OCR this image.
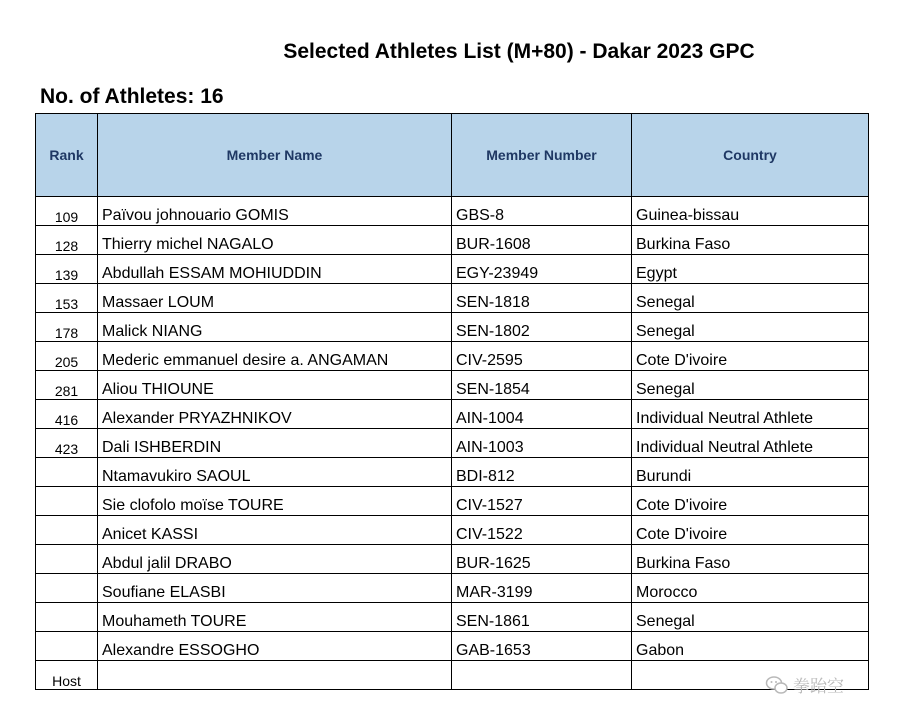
Selected Athletes List (M+80) - Dakar 2023 GPC
No. of Athletes: 16
Rank	Member Name	Member Number	Country
109	Païvou johnouario GOMIS	GBS-8	Guinea-bissau
128	Thierry michel NAGALO	BUR-1608	Burkina Faso
139	Abdullah ESSAM MOHIUDDIN	EGY-23949	Egypt
153	Massaer LOUM	SEN-1818	Senegal
178	Malick NIANG	SEN-1802	Senegal
205	Mederic emmanuel desire a. ANGAMAN	CIV-2595	Cote D'ivoire
281	Aliou THIOUNE	SEN-1854	Senegal
416	Alexander PRYAZHNIKOV	AIN-1004	Individual Neutral Athlete
423	Dali ISHBERDIN	AIN-1003	Individual Neutral Athlete
	Ntamavukiro SAOUL	BDI-812	Burundi
	Sie clofolo moïse TOURE	CIV-1527	Cote D'ivoire
	Anicet KASSI	CIV-1522	Cote D'ivoire
	Abdul jalil DRABO	BUR-1625	Burkina Faso
	Soufiane ELASBI	MAR-3199	Morocco
	Mouhameth TOURE	SEN-1861	Senegal
	Alexandre ESSOGHO	GAB-1653	Gabon
Host				拳跆空
